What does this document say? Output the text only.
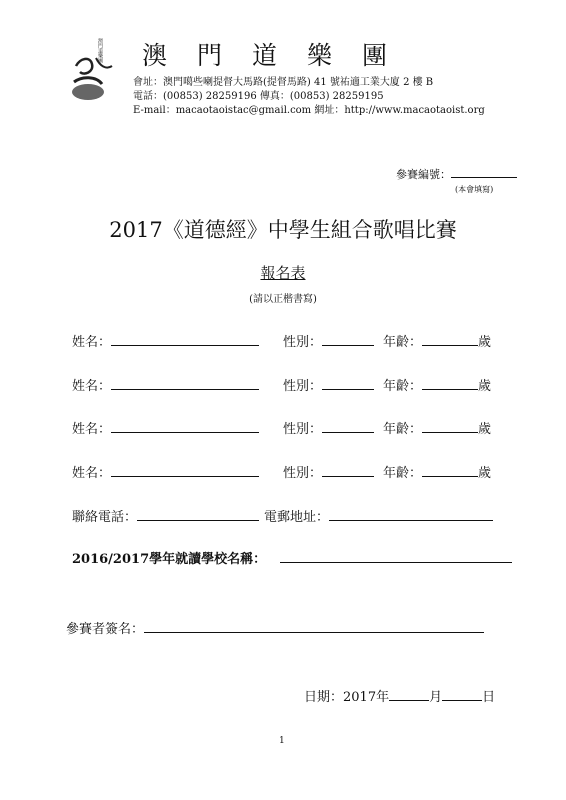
澳門道樂團 澳門道樂團
會址：澳門噶些喇提督大馬路(提督馬路) 41 號祐適工業大廈 2 樓 B
電話：(00853) 28259196 傳真：(00853) 28259195
E-mail：macaotaoistac@gmail.com 網址：http://www.macaotaoist.org
參賽編號：
(本會填寫)
2017《道德經》中學生組合歌唱比賽
報名表
(請以正楷書寫)
姓名：	性別：	年齡：	歲
姓名：	性別：	年齡：	歲
姓名：	性別：	年齡：	歲
姓名：	性別：	年齡：	歲
聯絡電話：	電郵地址：
2016/2017學年就讀學校名稱：
參賽者簽名：
日期：2017年	月	日
1
